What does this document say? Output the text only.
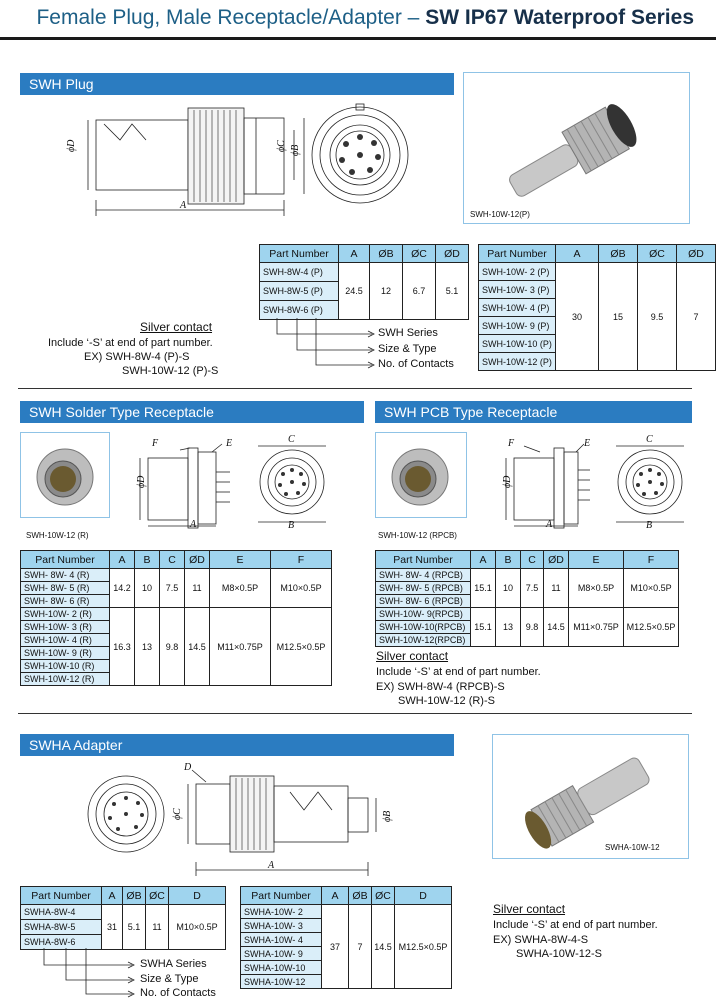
Female Plug, Male Receptacle/Adapter – SW IP67 Waterproof Series
SWH Plug
ϕD
A
ϕC ϕB
SWH-10W-12(P)
Part Number	A	ØB	ØC	ØD
SWH-8W-4 (P)	24.5	12	6.7	5.1
SWH-8W-5 (P)				
SWH-8W-6 (P)				
Part Number	A	ØB	ØC	ØD
SWH-10W- 2 (P)	30	15	9.5	7
SWH-10W- 3 (P)				
SWH-10W- 4 (P)				
SWH-10W- 9 (P)				
SWH-10W-10 (P)				
SWH-10W-12 (P)				
Silver contact
Include ‘-S’ at end of part number.
EX) SWH-8W-4 (P)-S
SWH-10W-12 (P)-S
SWH Series
Size & Type
No. of Contacts
SWH Solder Type Receptacle
SWH-10W-12 (R)
F	E
ϕD
A
C
B
Part Number	A	B	C	ØD	E	F
SWH- 8W- 4 (R)	14.2	10	7.5	11	M8×0.5P	M10×0.5P
SWH- 8W- 5 (R)						
SWH- 8W- 6 (R)						
SWH-10W- 2 (R)	16.3	13	9.8	14.5	M11×0.75P	M12.5×0.5P
SWH-10W- 3 (R)						
SWH-10W- 4 (R)						
SWH-10W- 9 (R)						
SWH-10W-10 (R)						
SWH-10W-12 (R)						
SWH PCB Type Receptacle
SWH-10W-12 (RPCB)
F	E
ϕD
A
C
B
Part Number	A	B	C	ØD	E	F
SWH- 8W- 4 (RPCB)	15.1	10	7.5	11	M8×0.5P	M10×0.5P
SWH- 8W- 5 (RPCB)						
SWH- 8W- 6 (RPCB)						
SWH-10W- 9(RPCB)	15.1	13	9.8	14.5	M11×0.75P	M12.5×0.5P
SWH-10W-10(RPCB)						
SWH-10W-12(RPCB)						
Silver contact
Include ‘-S’ at end of part number.
EX) SWH-8W-4 (RPCB)-S
SWH-10W-12 (R)-S
SWHA Adapter
D
ϕC	ϕB
A
SWHA-10W-12
Part Number	A	ØB	ØC	D
SWHA-8W-4	31	5.1	11	M10×0.5P
SWHA-8W-5				
SWHA-8W-6				
Part Number	A	ØB	ØC	D
SWHA-10W- 2	37	7	14.5	M12.5×0.5P
SWHA-10W- 3				
SWHA-10W- 4				
SWHA-10W- 9				
SWHA-10W-10				
SWHA-10W-12				
Silver contact
Include ‘-S’ at end of part number.
EX) SWHA-8W-4-S
SWHA-10W-12-S
SWHA Series
Size & Type
No. of Contacts
